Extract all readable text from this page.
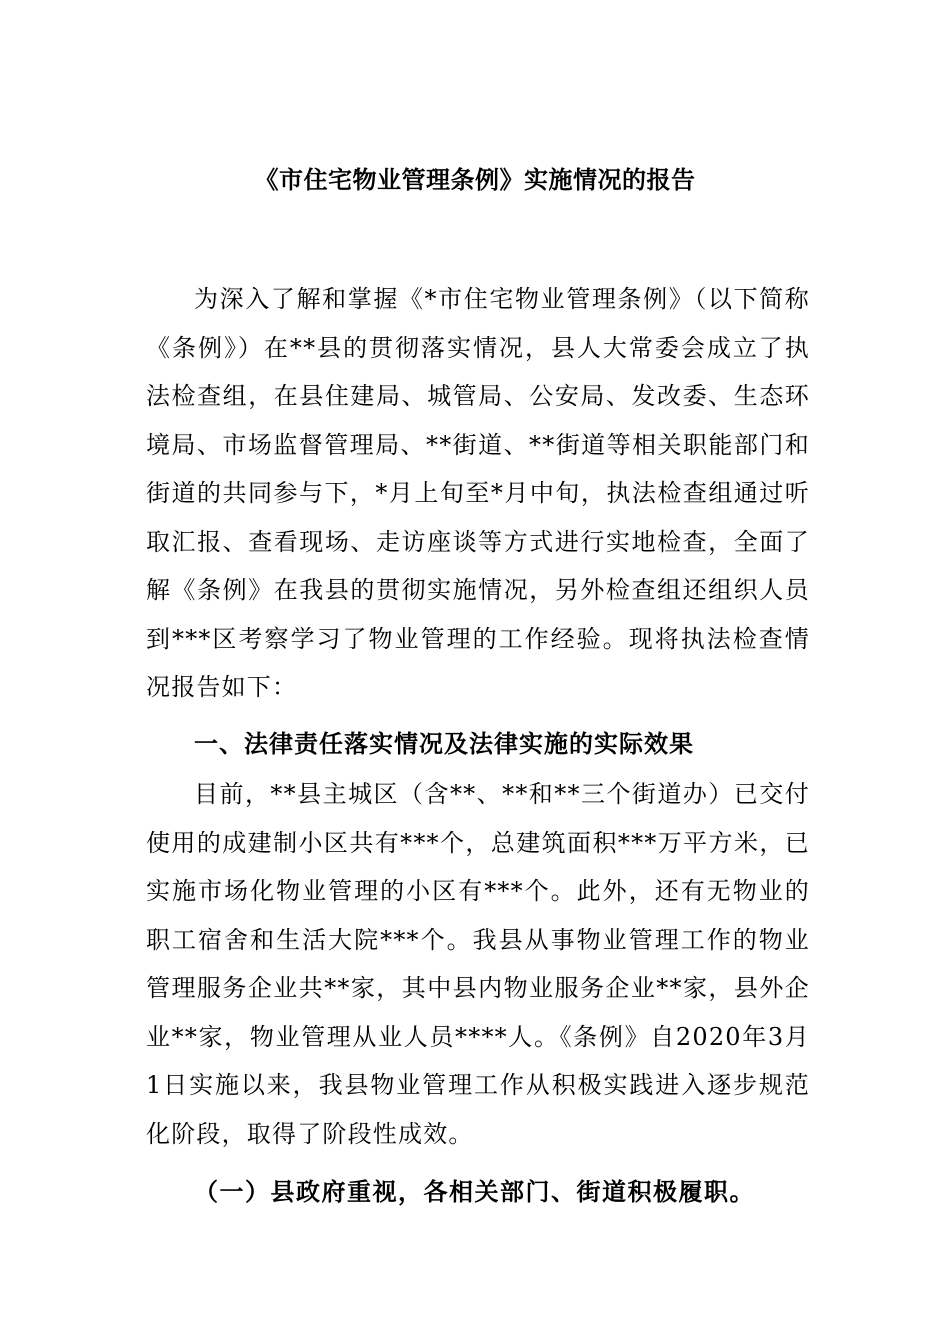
《市住宅物业管理条例》实施情况的报告

为深入了解和掌握《*市住宅物业管理条例》（以下简称《条例》）在**县的贯彻落实情况，县人大常委会成立了执法检查组，在县住建局、城管局、公安局、发改委、生态环境局、市场监督管理局、**街道、**街道等相关职能部门和街道的共同参与下，*月上旬至*月中旬，执法检查组通过听取汇报、查看现场、走访座谈等方式进行实地检查，全面了解《条例》在我县的贯彻实施情况，另外检查组还组织人员到***区考察学习了物业管理的工作经验。现将执法检查情况报告如下：

一、法律责任落实情况及法律实施的实际效果

目前，**县主城区（含**、**和**三个街道办）已交付使用的成建制小区共有***个，总建筑面积***万平方米，已实施市场化物业管理的小区有***个。此外，还有无物业的职工宿舍和生活大院***个。我县从事物业管理工作的物业管理服务企业共**家，其中县内物业服务企业**家，县外企业**家，物业管理从业人员****人。《条例》自2020年3月1日实施以来，我县物业管理工作从积极实践进入逐步规范化阶段，取得了阶段性成效。

（一）县政府重视，各相关部门、街道积极履职。
